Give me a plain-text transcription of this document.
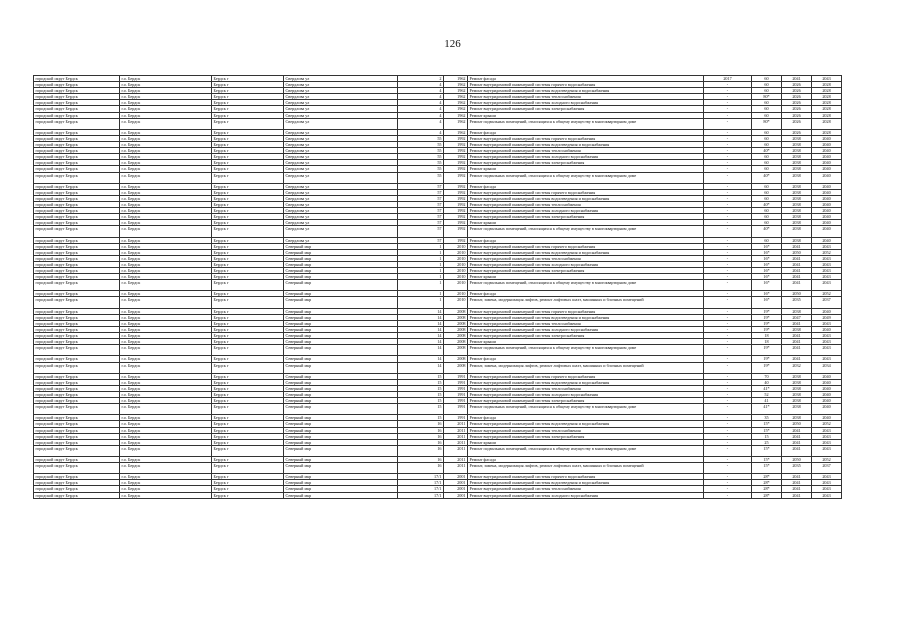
126
городской округ Бердск	г.о. Бердск	Бердск г	Свердлова ул	2	1962	Ремонт фасада	2017	60	2041	2043
городской округ Бердск	г.о. Бердск	Бердск г	Свердлова ул	4	1962	Ремонт внутридомовой инженерной системы горячего водоснабжения	-	60	2026	2028
городской округ Бердск	г.о. Бердск	Бердск г	Свердлова ул	4	1962	Ремонт внутридомовой инженерной системы водоотведения и водоснабжения	-	60	2026	2028
городской округ Бердск	г.о. Бердск	Бердск г	Свердлова ул	4	1962	Ремонт внутридомовой инженерной системы теплоснабжения	-	80*	2026	2028
городской округ Бердск	г.о. Бердск	Бердск г	Свердлова ул	4	1962	Ремонт внутридомовой инженерной системы холодного водоснабжения	-	60	2026	2028
городской округ Бердск	г.о. Бердск	Бердск г	Свердлова ул	4	1962	Ремонт внутридомовой инженерной системы электроснабжения	-	60	2026	2028
городской округ Бердск	г.о. Бердск	Бердск г	Свердлова ул	4	1962	Ремонт крыши	-	60	2026	2028
городской округ Бердск	г.о. Бердск	Бердск г	Свердлова ул	4	1962	Ремонт подвальных помещений, относящихся к общему имуществу в многоквартирном доме	-	80*	2026	2028
городской округ Бердск	г.о. Бердск	Бердск г	Свердлова ул	4	1962	Ремонт фасада	-	60	2026	2028
городской округ Бердск	г.о. Бердск	Бердск г	Свердлова ул	55	1992	Ремонт внутридомовой инженерной системы горячего водоснабжения	-	60	2038	2040
городской округ Бердск	г.о. Бердск	Бердск г	Свердлова ул	55	1992	Ремонт внутридомовой инженерной системы водоотведения и водоснабжения	-	60	2038	2040
городской округ Бердск	г.о. Бердск	Бердск г	Свердлова ул	55	1992	Ремонт внутридомовой инженерной системы теплоснабжения	-	40*	2038	2040
городской округ Бердск	г.о. Бердск	Бердск г	Свердлова ул	55	1992	Ремонт внутридомовой инженерной системы холодного водоснабжения	-	60	2038	2040
городской округ Бердск	г.о. Бердск	Бердск г	Свердлова ул	55	1992	Ремонт внутридомовой инженерной системы электроснабжения	-	60	2038	2040
городской округ Бердск	г.о. Бердск	Бердск г	Свердлова ул	55	1992	Ремонт крыши	-	60	2038	2040
городской округ Бердск	г.о. Бердск	Бердск г	Свердлова ул	55	1992	Ремонт подвальных помещений, относящихся к общему имуществу в многоквартирном доме	-	40*	2038	2040
городской округ Бердск	г.о. Бердск	Бердск г	Свердлова ул	57	1992	Ремонт фасада	-	60	2038	2040
городской округ Бердск	г.о. Бердск	Бердск г	Свердлова ул	57	1992	Ремонт внутридомовой инженерной системы горячего водоснабжения	-	60	2038	2040
городской округ Бердск	г.о. Бердск	Бердск г	Свердлова ул	57	1992	Ремонт внутридомовой инженерной системы водоотведения и водоснабжения	-	60	2038	2040
городской округ Бердск	г.о. Бердск	Бердск г	Свердлова ул	57	1992	Ремонт внутридомовой инженерной системы теплоснабжения	-	40*	2038	2040
городской округ Бердск	г.о. Бердск	Бердск г	Свердлова ул	57	1992	Ремонт внутридомовой инженерной системы холодного водоснабжения	-	60	2038	2040
городской округ Бердск	г.о. Бердск	Бердск г	Свердлова ул	57	1992	Ремонт внутридомовой инженерной системы электроснабжения	-	60	2038	2040
городской округ Бердск	г.о. Бердск	Бердск г	Свердлова ул	57	1992	Ремонт крыши	-	60	2038	2040
городской округ Бердск	г.о. Бердск	Бердск г	Свердлова ул	57	1992	Ремонт подвальных помещений, относящихся к общему имуществу в многоквартирном доме	-	40*	2038	2040
городской округ Бердск	г.о. Бердск	Бердск г	Свердлова ул	57	1992	Ремонт фасада	-	60	2038	2040
городской округ Бердск	г.о. Бердск	Бердск г	Северный мкр	1	2010	Ремонт внутридомовой инженерной системы горячего водоснабжения	-	16*	2041	2043
городской округ Бердск	г.о. Бердск	Бердск г	Северный мкр	1	2010	Ремонт внутридомовой инженерной системы водоотведения и водоснабжения	-	16*	2050	2052
городской округ Бердск	г.о. Бердск	Бердск г	Северный мкр	1	2010	Ремонт внутридомовой инженерной системы теплоснабжения	-	16*	2041	2043
городской округ Бердск	г.о. Бердск	Бердск г	Северный мкр	1	2010	Ремонт внутридомовой инженерной системы холодного водоснабжения	-	16*	2041	2043
городской округ Бердск	г.о. Бердск	Бердск г	Северный мкр	1	2010	Ремонт внутридомовой инженерной системы электроснабжения	-	16*	2041	2043
городской округ Бердск	г.о. Бердск	Бердск г	Северный мкр	1	2010	Ремонт крыши	-	16*	2041	2043
городской округ Бердск	г.о. Бердск	Бердск г	Северный мкр	1	2010	Ремонт подвальных помещений, относящихся к общему имуществу в многоквартирном доме	-	16*	2041	2043
городской округ Бердск	г.о. Бердск	Бердск г	Северный мкр	1	2010	Ремонт фасада	-	16*	2050	2052
городской округ Бердск	г.о. Бердск	Бердск г	Северный мкр	1	2010	Ремонт, замена, модернизация лифтов, ремонт лифтовых шахт, машинных и блочных помещений	-	16*	2035	2037
городской округ Бердск	г.о. Бердск	Бердск г	Северный мкр	14	2008	Ремонт внутридомовой инженерной системы горячего водоснабжения	-	19*	2038	2040
городской округ Бердск	г.о. Бердск	Бердск г	Северный мкр	14	2008	Ремонт внутридомовой инженерной системы водоотведения и водоснабжения	-	19*	2047	2049
городской округ Бердск	г.о. Бердск	Бердск г	Северный мкр	14	2008	Ремонт внутридомовой инженерной системы теплоснабжения	-	19*	2041	2043
городской округ Бердск	г.о. Бердск	Бердск г	Северный мкр	14	2008	Ремонт внутридомовой инженерной системы холодного водоснабжения	-	19*	2038	2040
городской округ Бердск	г.о. Бердск	Бердск г	Северный мкр	14	2008	Ремонт внутридомовой инженерной системы электроснабжения	-	18	2041	2043
городской округ Бердск	г.о. Бердск	Бердск г	Северный мкр	14	2008	Ремонт крыши	-	18	2041	2043
городской округ Бердск	г.о. Бердск	Бердск г	Северный мкр	14	2008	Ремонт подвальных помещений, относящихся к общему имуществу в многоквартирном доме	-	19*	2041	2043
городской округ Бердск	г.о. Бердск	Бердск г	Северный мкр	14	2008	Ремонт фасада	-	19*	2041	2043
городской округ Бердск	г.о. Бердск	Бердск г	Северный мкр	14	2008	Ремонт, замена, модернизация лифтов, ремонт лифтовых шахт, машинных и блочных помещений	-	19*	2032	2034
городской округ Бердск	г.о. Бердск	Бердск г	Северный мкр	15	1991	Ремонт внутридомовой инженерной системы горячего водоснабжения	-	70	2038	2040
городской округ Бердск	г.о. Бердск	Бердск г	Северный мкр	15	1991	Ремонт внутридомовой инженерной системы водоотведения и водоснабжения	-	40	2038	2040
городской округ Бердск	г.о. Бердск	Бердск г	Северный мкр	15	1991	Ремонт внутридомовой инженерной системы теплоснабжения	-	41*	2038	2040
городской округ Бердск	г.о. Бердск	Бердск г	Северный мкр	15	1991	Ремонт внутридомовой инженерной системы холодного водоснабжения	-	52	2038	2040
городской округ Бердск	г.о. Бердск	Бердск г	Северный мкр	15	1991	Ремонт внутридомовой инженерной системы электроснабжения	-	41	2038	2040
городской округ Бердск	г.о. Бердск	Бердск г	Северный мкр	15	1991	Ремонт подвальных помещений, относящихся к общему имуществу в многоквартирном доме	-	41*	2038	2040
городской округ Бердск	г.о. Бердск	Бердск г	Северный мкр	15	1991	Ремонт фасада	-	35	2038	2040
городской округ Бердск	г.о. Бердск	Бердск г	Северный мкр	16	2011	Ремонт внутридомовой инженерной системы водоотведения и водоснабжения	-	15*	2050	2052
городской округ Бердск	г.о. Бердск	Бердск г	Северный мкр	16	2011	Ремонт внутридомовой инженерной системы теплоснабжения	-	15*	2041	2043
городской округ Бердск	г.о. Бердск	Бердск г	Северный мкр	16	2011	Ремонт внутридомовой инженерной системы электроснабжения	-	15	2041	2043
городской округ Бердск	г.о. Бердск	Бердск г	Северный мкр	16	2011	Ремонт крыши	-	25	2041	2043
городской округ Бердск	г.о. Бердск	Бердск г	Северный мкр	16	2011	Ремонт подвальных помещений, относящихся к общему имуществу в многоквартирном доме	-	15*	2041	2043
городской округ Бердск	г.о. Бердск	Бердск г	Северный мкр	16	2011	Ремонт фасада	-	15*	2050	2052
городской округ Бердск	г.о. Бердск	Бердск г	Северный мкр	16	2011	Ремонт, замена, модернизация лифтов, ремонт лифтовых шахт, машинных и блочных помещений	-	15*	2035	2037
городской округ Бердск	г.о. Бердск	Бердск г	Северный мкр	17/1	2001	Ремонт внутридомовой инженерной системы горячего водоснабжения	-	28*	2041	2043
городской округ Бердск	г.о. Бердск	Бердск г	Северный мкр	17/1	2001	Ремонт внутридомовой инженерной системы водоотведения и водоснабжения	-	28*	2041	2043
городской округ Бердск	г.о. Бердск	Бердск г	Северный мкр	17/1	2001	Ремонт внутридомовой инженерной системы теплоснабжения	-	28*	2041	2043
городской округ Бердск	г.о. Бердск	Бердск г	Северный мкр	17/1	2001	Ремонт внутридомовой инженерной системы холодного водоснабжения	-	28*	2041	2043
